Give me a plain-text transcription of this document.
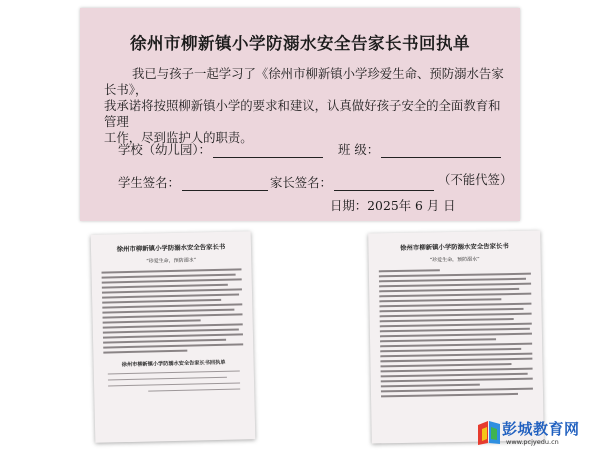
徐州市柳新镇小学防溺水安全告家长书回执单

我已与孩子一起学习了《徐州市柳新镇小学珍爱生命、预防溺水告家长书》，

我承诺将按照柳新镇小学的要求和建议，认真做好孩子安全的全面教育和管理
工作，尽到监护人的职责。
学校（幼儿园）：	班 级：
学生签名：	家长签名：	（不能代签）
日期：2025年 6 月 日
徐州市柳新镇小学防溺水安全告家长书
“珍爱生命，预防溺水”
徐州市柳新镇小学防溺水安全告家长书回执单
徐州市柳新镇小学防溺水安全告家长书
“珍爱生命，预防溺水”
彭城教育网
www.pcjyedu.cn
